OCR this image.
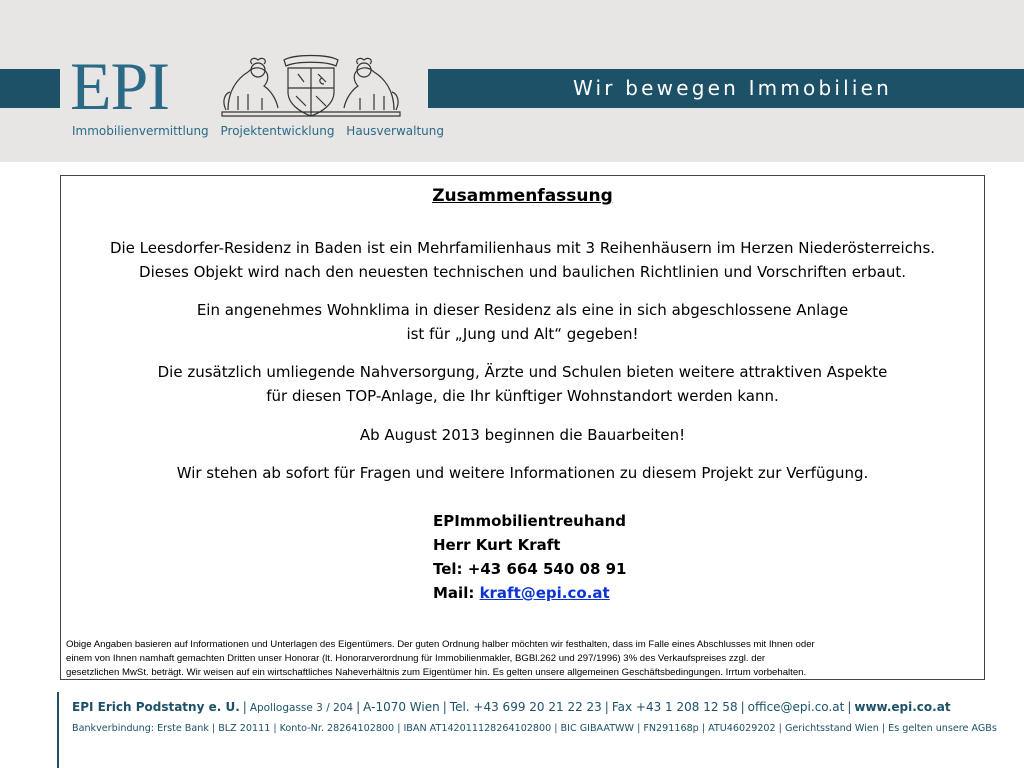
EPI
Immobilienvermittlung Projektentwicklung Hausverwaltung
Wir bewegen Immobilien
Zusammenfassung
Die Leesdorfer-Residenz in Baden ist ein Mehrfamilienhaus mit 3 Reihenhäusern im Herzen Niederösterreichs.
Dieses Objekt wird nach den neuesten technischen und baulichen Richtlinien und Vorschriften erbaut.
Ein angenehmes Wohnklima in dieser Residenz als eine in sich abgeschlossene Anlage
ist für „Jung und Alt“ gegeben!
Die zusätzlich umliegende Nahversorgung, Ärzte und Schulen bieten weitere attraktiven Aspekte
für diesen TOP-Anlage, die Ihr künftiger Wohnstandort werden kann.
Ab August 2013 beginnen die Bauarbeiten!
Wir stehen ab sofort für Fragen und weitere Informationen zu diesem Projekt zur Verfügung.
EPImmobilientreuhand
Herr Kurt Kraft
Tel: +43 664 540 08 91
Mail: kraft@epi.co.at
Obige Angaben basieren auf Informationen und Unterlagen des Eigentümers. Der guten Ordnung halber möchten wir festhalten, dass im Falle eines Abschlusses mit Ihnen oder
einem von Ihnen namhaft gemachten Dritten unser Honorar (lt. Honorarverordnung für Immobilienmakler, BGBl.262 und 297/1996) 3% des Verkaufspreises zzgl. der
gesetzlichen MwSt. beträgt. Wir weisen auf ein wirtschaftliches Naheverhältnis zum Eigentümer hin. Es gelten unsere allgemeinen Geschäftsbedingungen. Irrtum vorbehalten.
EPI Erich Podstatny e. U. | Apollogasse 3 / 204 | A-1070 Wien | Tel. +43 699 20 21 22 23 | Fax +43 1 208 12 58 | office@epi.co.at | www.epi.co.at
Bankverbindung: Erste Bank | BLZ 20111 | Konto-Nr. 28264102800 | IBAN AT142011128264102800 | BIC GIBAATWW | FN291168p | ATU46029202 | Gerichtsstand Wien | Es gelten unsere AGBs
